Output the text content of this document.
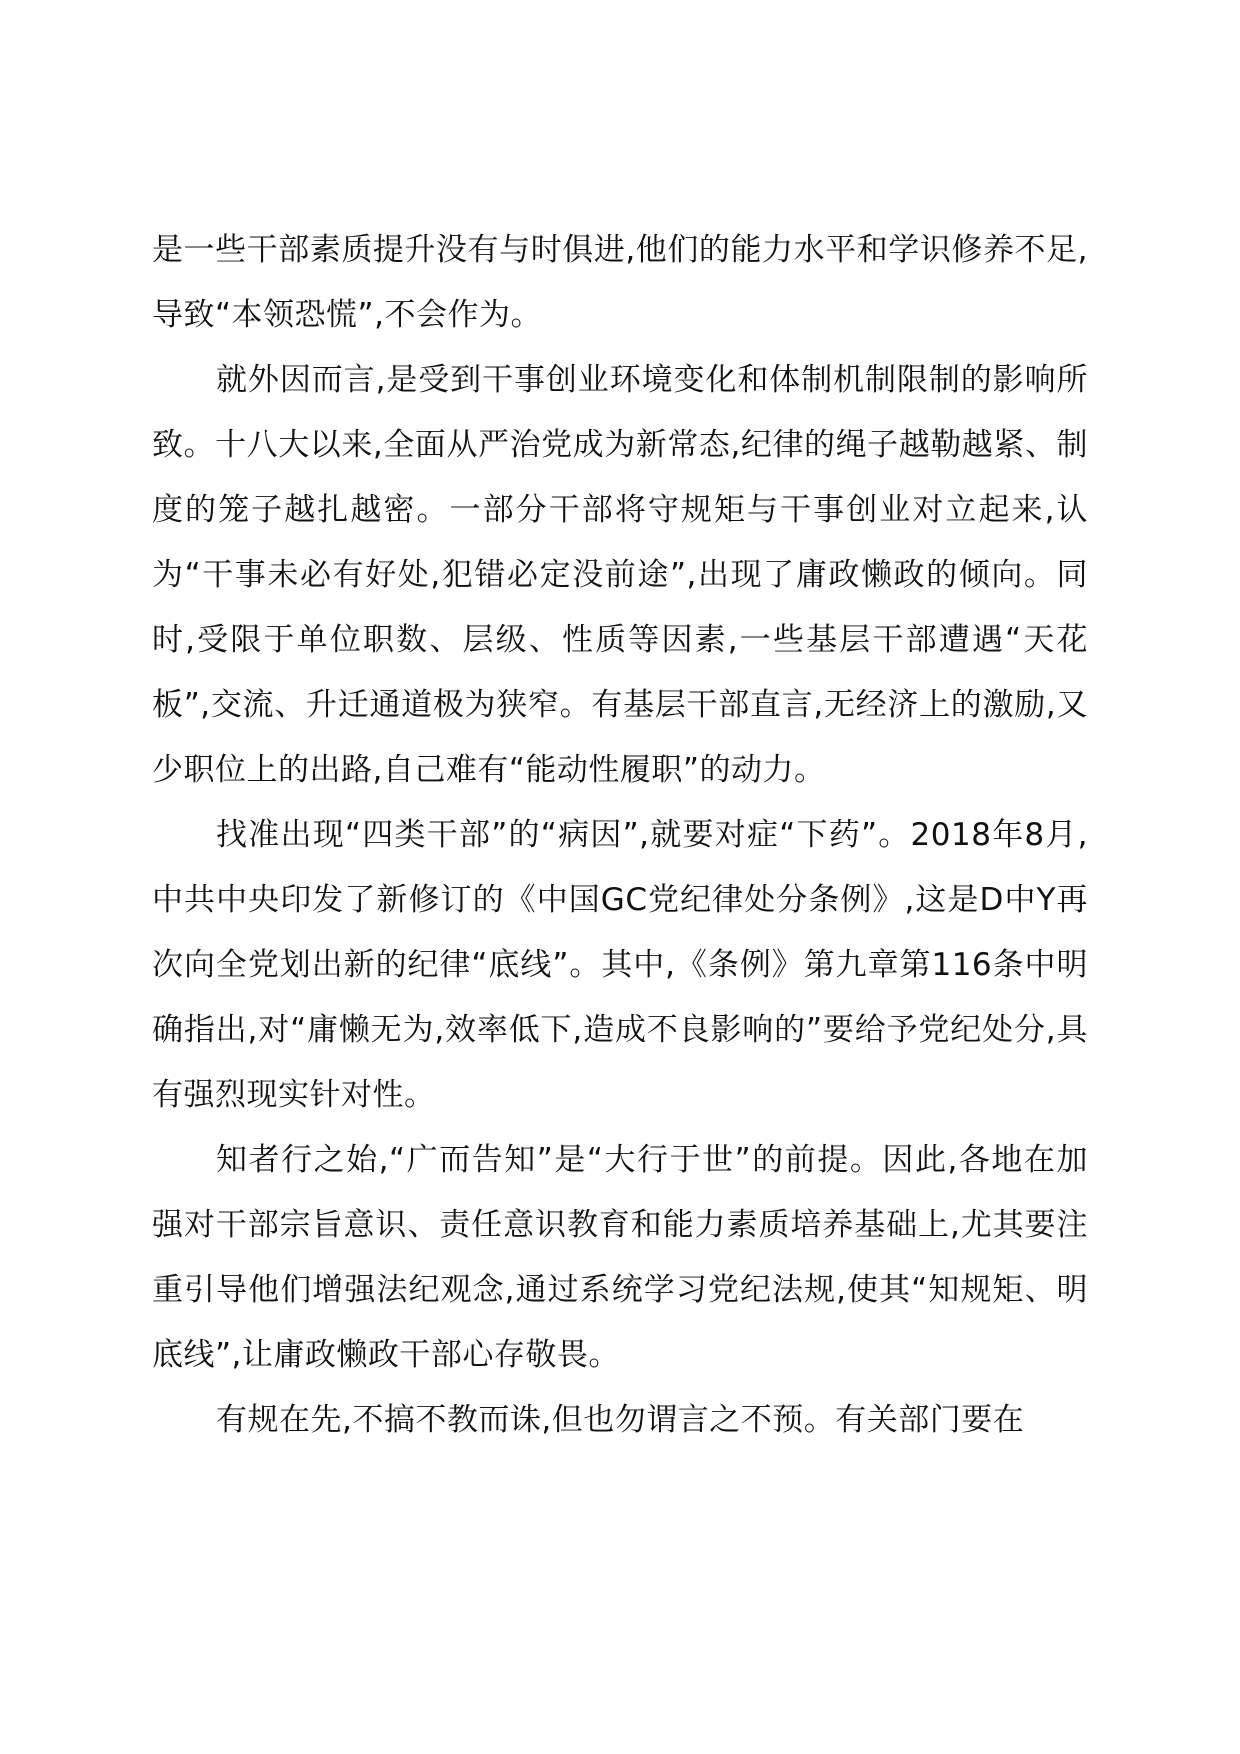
是一些干部素质提升没有与时俱进,他们的能力水平和学识修养不足,导致“本领恐慌”,不会作为。

就外因而言,是受到干事创业环境变化和体制机制限制的影响所致。十八大以来,全面从严治党成为新常态,纪律的绳子越勒越紧、制度的笼子越扎越密。一部分干部将守规矩与干事创业对立起来,认为“干事未必有好处,犯错必定没前途”,出现了庸政懒政的倾向。同时,受限于单位职数、层级、性质等因素,一些基层干部遭遇“天花板”,交流、升迁通道极为狭窄。有基层干部直言,无经济上的激励,又少职位上的出路,自己难有“能动性履职”的动力。

找准出现“四类干部”的“病因”,就要对症“下药”。2018年8月,中共中央印发了新修订的《中国GC党纪律处分条例》,这是D中Y再次向全党划出新的纪律“底线”。其中,《条例》第九章第116条中明确指出,对“庸懒无为,效率低下,造成不良影响的”要给予党纪处分,具有强烈现实针对性。

知者行之始,“广而告知”是“大行于世”的前提。因此,各地在加强对干部宗旨意识、责任意识教育和能力素质培养基础上,尤其要注重引导他们增强法纪观念,通过系统学习党纪法规,使其“知规矩、明底线”,让庸政懒政干部心存敬畏。

有规在先,不搞不教而诛,但也勿谓言之不预。有关部门要在
